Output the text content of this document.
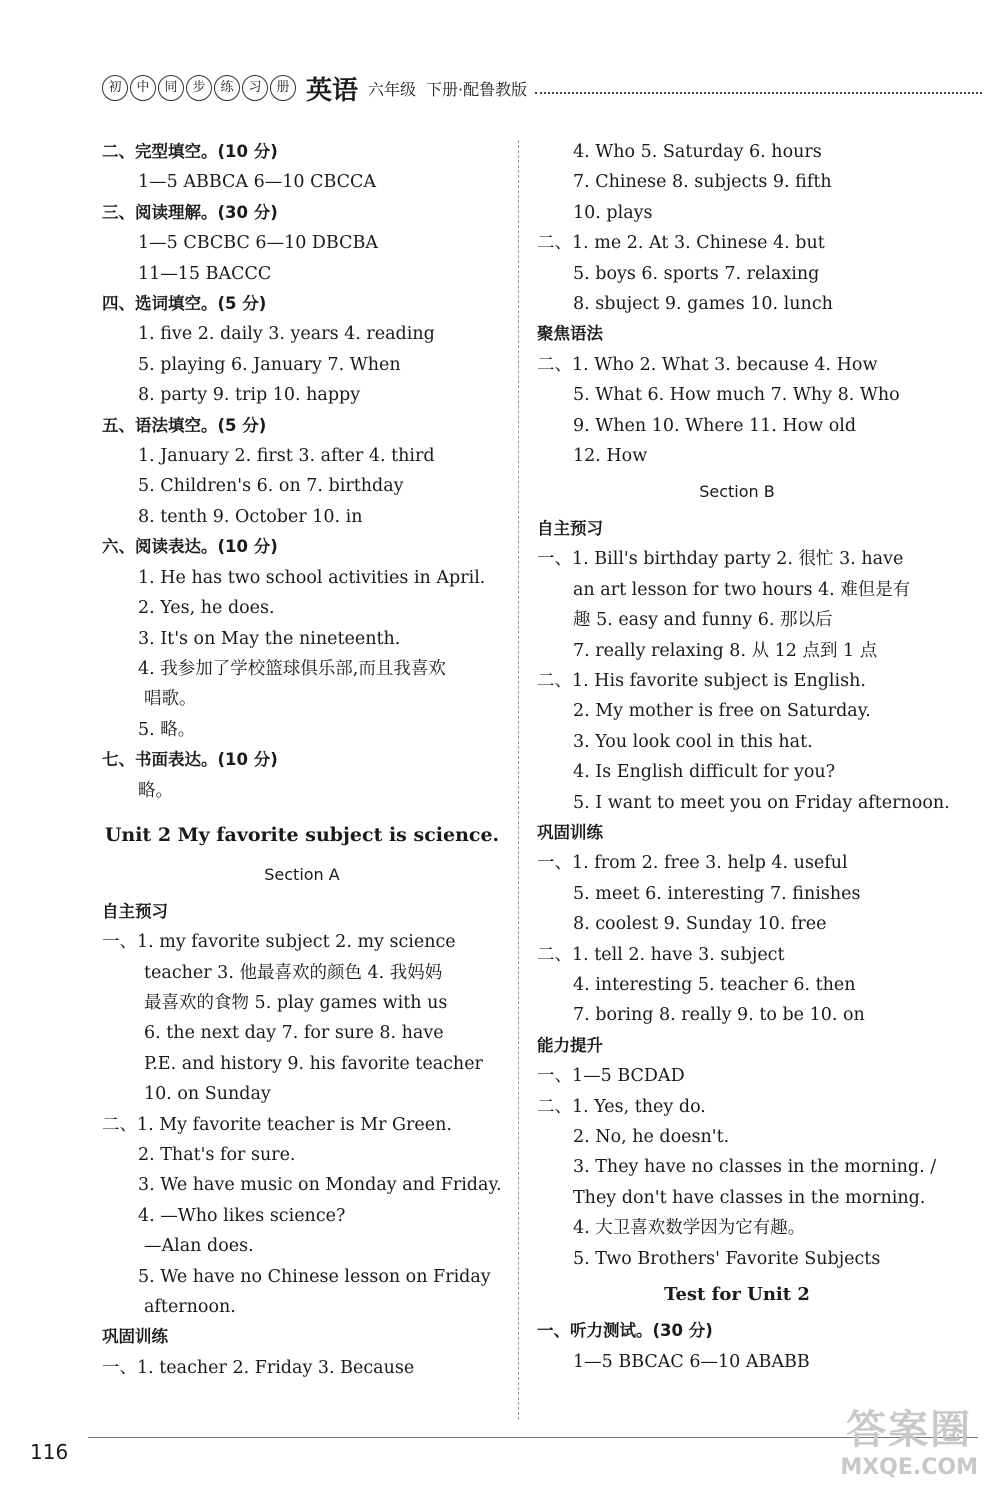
初	中	同	步	练	习	册 英语 六年级 下册·配鲁教版
二、完型填空。(10 分)
1—5 ABBCA 6—10 CBCCA
三、阅读理解。(30 分)
1—5 CBCBC 6—10 DBCBA
11—15 BACCC
四、选词填空。(5 分)
1. five 2. daily 3. years 4. reading
5. playing 6. January 7. When
8. party 9. trip 10. happy
五、语法填空。(5 分)
1. January 2. first 3. after 4. third
5. Children's 6. on 7. birthday
8. tenth 9. October 10. in
六、阅读表达。(10 分)
1. He has two school activities in April.
2. Yes, he does.
3. It's on May the nineteenth.
4. 我参加了学校篮球俱乐部,而且我喜欢
唱歌。
5. 略。
七、书面表达。(10 分)
略。
Unit 2 My favorite subject is science.
Section A
自主预习
一、1. my favorite subject 2. my science
teacher 3. 他最喜欢的颜色 4. 我妈妈
最喜欢的食物 5. play games with us
6. the next day 7. for sure 8. have
P.E. and history 9. his favorite teacher
10. on Sunday
二、1. My favorite teacher is Mr Green.
2. That's for sure.
3. We have music on Monday and Friday.
4. —Who likes science?
—Alan does.
5. We have no Chinese lesson on Friday
afternoon.
巩固训练
一、1. teacher 2. Friday 3. Because
4. Who 5. Saturday 6. hours
7. Chinese 8. subjects 9. fifth
10. plays
二、1. me 2. At 3. Chinese 4. but
5. boys 6. sports 7. relaxing
8. sbuject 9. games 10. lunch
聚焦语法
二、1. Who 2. What 3. because 4. How
5. What 6. How much 7. Why 8. Who
9. When 10. Where 11. How old
12. How
Section B
自主预习
一、1. Bill's birthday party 2. 很忙 3. have
an art lesson for two hours 4. 难但是有
趣 5. easy and funny 6. 那以后
7. really relaxing 8. 从 12 点到 1 点
二、1. His favorite subject is English.
2. My mother is free on Saturday.
3. You look cool in this hat.
4. Is English difficult for you?
5. I want to meet you on Friday afternoon.
巩固训练
一、1. from 2. free 3. help 4. useful
5. meet 6. interesting 7. finishes
8. coolest 9. Sunday 10. free
二、1. tell 2. have 3. subject
4. interesting 5. teacher 6. then
7. boring 8. really 9. to be 10. on
能力提升
一、1—5 BCDAD
二、1. Yes, they do.
2. No, he doesn't.
3. They have no classes in the morning. /
They don't have classes in the morning.
4. 大卫喜欢数学因为它有趣。
5. Two Brothers' Favorite Subjects
Test for Unit 2
一、听力测试。(30 分)
1—5 BBCAC 6—10 ABABB
116	答案圈
MXQE.COM
